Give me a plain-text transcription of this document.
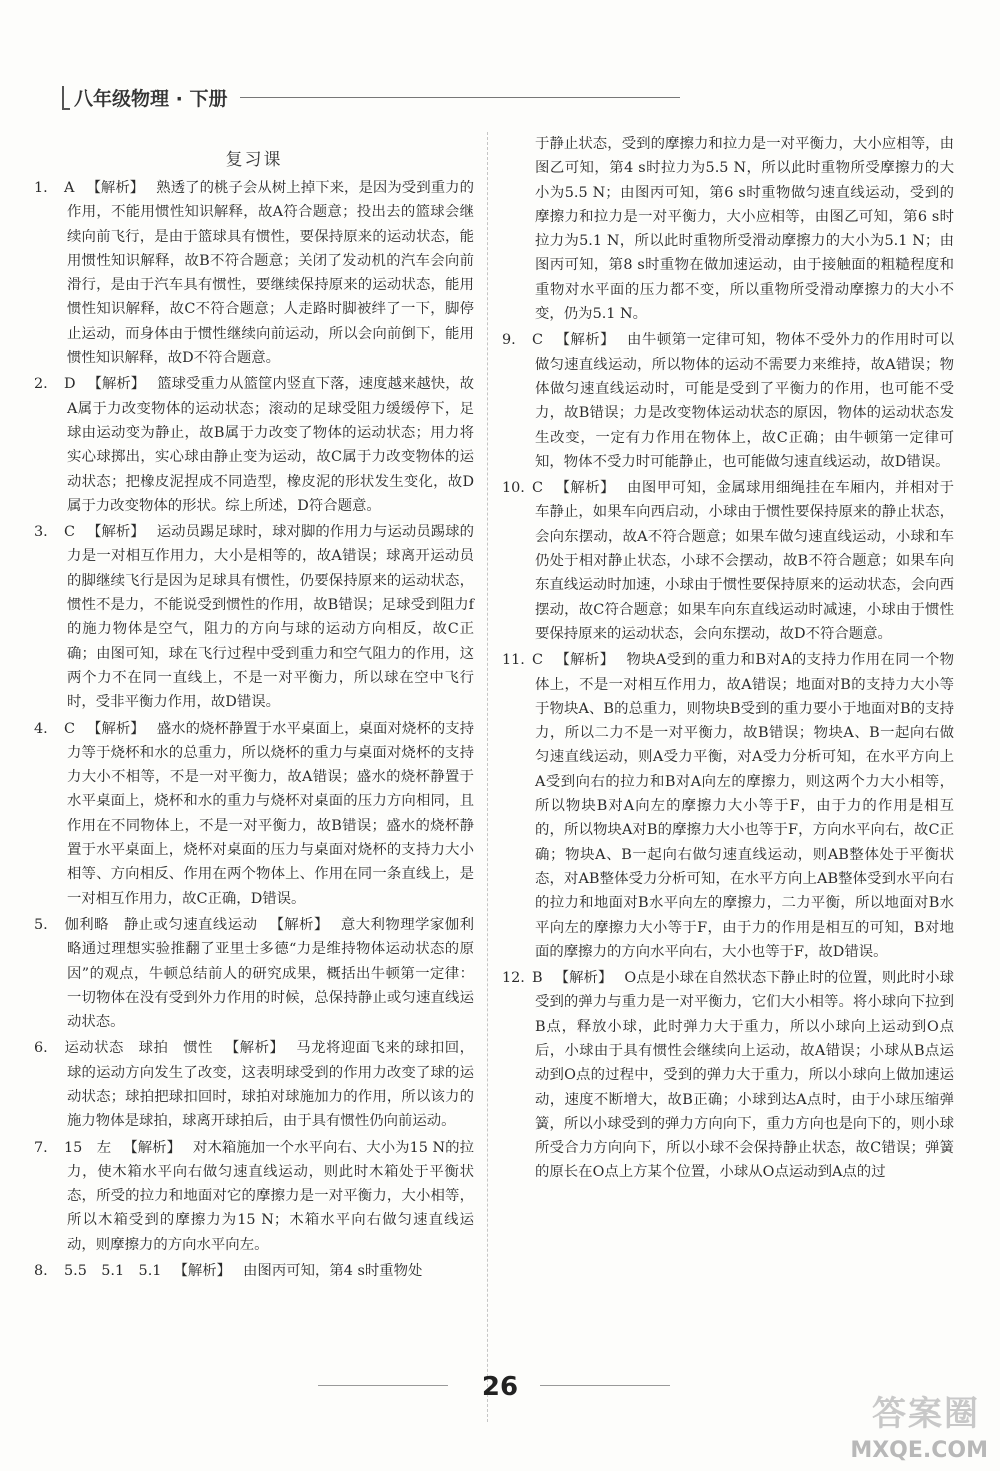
八年级物理 · 下册
复习课
1. A 【解析】 熟透了的桃子会从树上掉下来，是因为受到重力的作用，不能用惯性知识解释，故A符合题意；投出去的篮球会继续向前飞行，是由于篮球具有惯性，要保持原来的运动状态，能用惯性知识解释，故B不符合题意；关闭了发动机的汽车会向前滑行，是由于汽车具有惯性，要继续保持原来的运动状态，能用惯性知识解释，故C不符合题意；人走路时脚被绊了一下，脚停止运动，而身体由于惯性继续向前运动，所以会向前倒下，能用惯性知识解释，故D不符合题意。
2. D 【解析】 篮球受重力从篮筐内竖直下落，速度越来越快，故A属于力改变物体的运动状态；滚动的足球受阻力缓缓停下，足球由运动变为静止，故B属于力改变了物体的运动状态；用力将实心球掷出，实心球由静止变为运动，故C属于力改变物体的运动状态；把橡皮泥捏成不同造型，橡皮泥的形状发生变化，故D属于力改变物体的形状。综上所述，D符合题意。
3. C 【解析】 运动员踢足球时，球对脚的作用力与运动员踢球的力是一对相互作用力，大小是相等的，故A错误；球离开运动员的脚继续飞行是因为足球具有惯性，仍要保持原来的运动状态，惯性不是力，不能说受到惯性的作用，故B错误；足球受到阻力f的施力物体是空气，阻力的方向与球的运动方向相反，故C正确；由图可知，球在飞行过程中受到重力和空气阻力的作用，这两个力不在同一直线上，不是一对平衡力，所以球在空中飞行时，受非平衡力作用，故D错误。
4. C 【解析】 盛水的烧杯静置于水平桌面上，桌面对烧杯的支持力等于烧杯和水的总重力，所以烧杯的重力与桌面对烧杯的支持力大小不相等，不是一对平衡力，故A错误；盛水的烧杯静置于水平桌面上，烧杯和水的重力与烧杯对桌面的压力方向相同，且作用在不同物体上，不是一对平衡力，故B错误；盛水的烧杯静置于水平桌面上，烧杯对桌面的压力与桌面对烧杯的支持力大小相等、方向相反、作用在两个物体上、作用在同一条直线上，是一对相互作用力，故C正确，D错误。
5. 伽利略　静止或匀速直线运动 【解析】 意大利物理学家伽利略通过理想实验推翻了亚里士多德“力是维持物体运动状态的原因”的观点，牛顿总结前人的研究成果，概括出牛顿第一定律：一切物体在没有受到外力作用的时候，总保持静止或匀速直线运动状态。
6. 运动状态　球拍　惯性 【解析】 马龙将迎面飞来的球扣回，球的运动方向发生了改变，这表明球受到的作用力改变了球的运动状态；球拍把球扣回时，球拍对球施加力的作用，所以该力的施力物体是球拍，球离开球拍后，由于具有惯性仍向前运动。
7. 15　左 【解析】 对木箱施加一个水平向右、大小为15 N的拉力，使木箱水平向右做匀速直线运动，则此时木箱处于平衡状态，所受的拉力和地面对它的摩擦力是一对平衡力，大小相等，所以木箱受到的摩擦力为15 N；木箱水平向右做匀速直线运动，则摩擦力的方向水平向左。
8. 5.5　5.1　5.1 【解析】 由图丙可知，第4 s时重物处
于静止状态，受到的摩擦力和拉力是一对平衡力，大小应相等，由图乙可知，第4 s时拉力为5.5 N，所以此时重物所受摩擦力的大小为5.5 N；由图丙可知，第6 s时重物做匀速直线运动，受到的摩擦力和拉力是一对平衡力，大小应相等，由图乙可知，第6 s时拉力为5.1 N，所以此时重物所受滑动摩擦力的大小为5.1 N；由图丙可知，第8 s时重物在做加速运动，由于接触面的粗糙程度和重物对水平面的压力都不变，所以重物所受滑动摩擦力的大小不变，仍为5.1 N。
9. C 【解析】 由牛顿第一定律可知，物体不受外力的作用时可以做匀速直线运动，所以物体的运动不需要力来维持，故A错误；物体做匀速直线运动时，可能是受到了平衡力的作用，也可能不受力，故B错误；力是改变物体运动状态的原因，物体的运动状态发生改变，一定有力作用在物体上，故C正确；由牛顿第一定律可知，物体不受力时可能静止，也可能做匀速直线运动，故D错误。
10. C 【解析】 由图甲可知，金属球用细绳挂在车厢内，并相对于车静止，如果车向西启动，小球由于惯性要保持原来的静止状态，会向东摆动，故A不符合题意；如果车做匀速直线运动，小球和车仍处于相对静止状态，小球不会摆动，故B不符合题意；如果车向东直线运动时加速，小球由于惯性要保持原来的运动状态，会向西摆动，故C符合题意；如果车向东直线运动时减速，小球由于惯性要保持原来的运动状态，会向东摆动，故D不符合题意。
11. C 【解析】 物块A受到的重力和B对A的支持力作用在同一个物体上，不是一对相互作用力，故A错误；地面对B的支持力大小等于物块A、B的总重力，则物块B受到的重力要小于地面对B的支持力，所以二力不是一对平衡力，故B错误；物块A、B一起向右做匀速直线运动，则A受力平衡，对A受力分析可知，在水平方向上A受到向右的拉力和B对A向左的摩擦力，则这两个力大小相等，所以物块B对A向左的摩擦力大小等于F，由于力的作用是相互的，所以物块A对B的摩擦力大小也等于F，方向水平向右，故C正确；物块A、B一起向右做匀速直线运动，则AB整体处于平衡状态，对AB整体受力分析可知，在水平方向上AB整体受到水平向右的拉力和地面对B水平向左的摩擦力，二力平衡，所以地面对B水平向左的摩擦力大小等于F，由于力的作用是相互的可知，B对地面的摩擦力的方向水平向右，大小也等于F，故D错误。
12. B 【解析】 O点是小球在自然状态下静止时的位置，则此时小球受到的弹力与重力是一对平衡力，它们大小相等。将小球向下拉到B点，释放小球，此时弹力大于重力，所以小球向上运动到O点后，小球由于具有惯性会继续向上运动，故A错误；小球从B点运动到O点的过程中，受到的弹力大于重力，所以小球向上做加速运动，速度不断增大，故B正确；小球到达A点时，由于小球压缩弹簧，所以小球受到的弹力方向向下，重力方向也是向下的，则小球所受合力方向向下，所以小球不会保持静止状态，故C错误；弹簧的原长在O点上方某个位置，小球从O点运动到A点的过
26
答案圈
MXQE.COM
